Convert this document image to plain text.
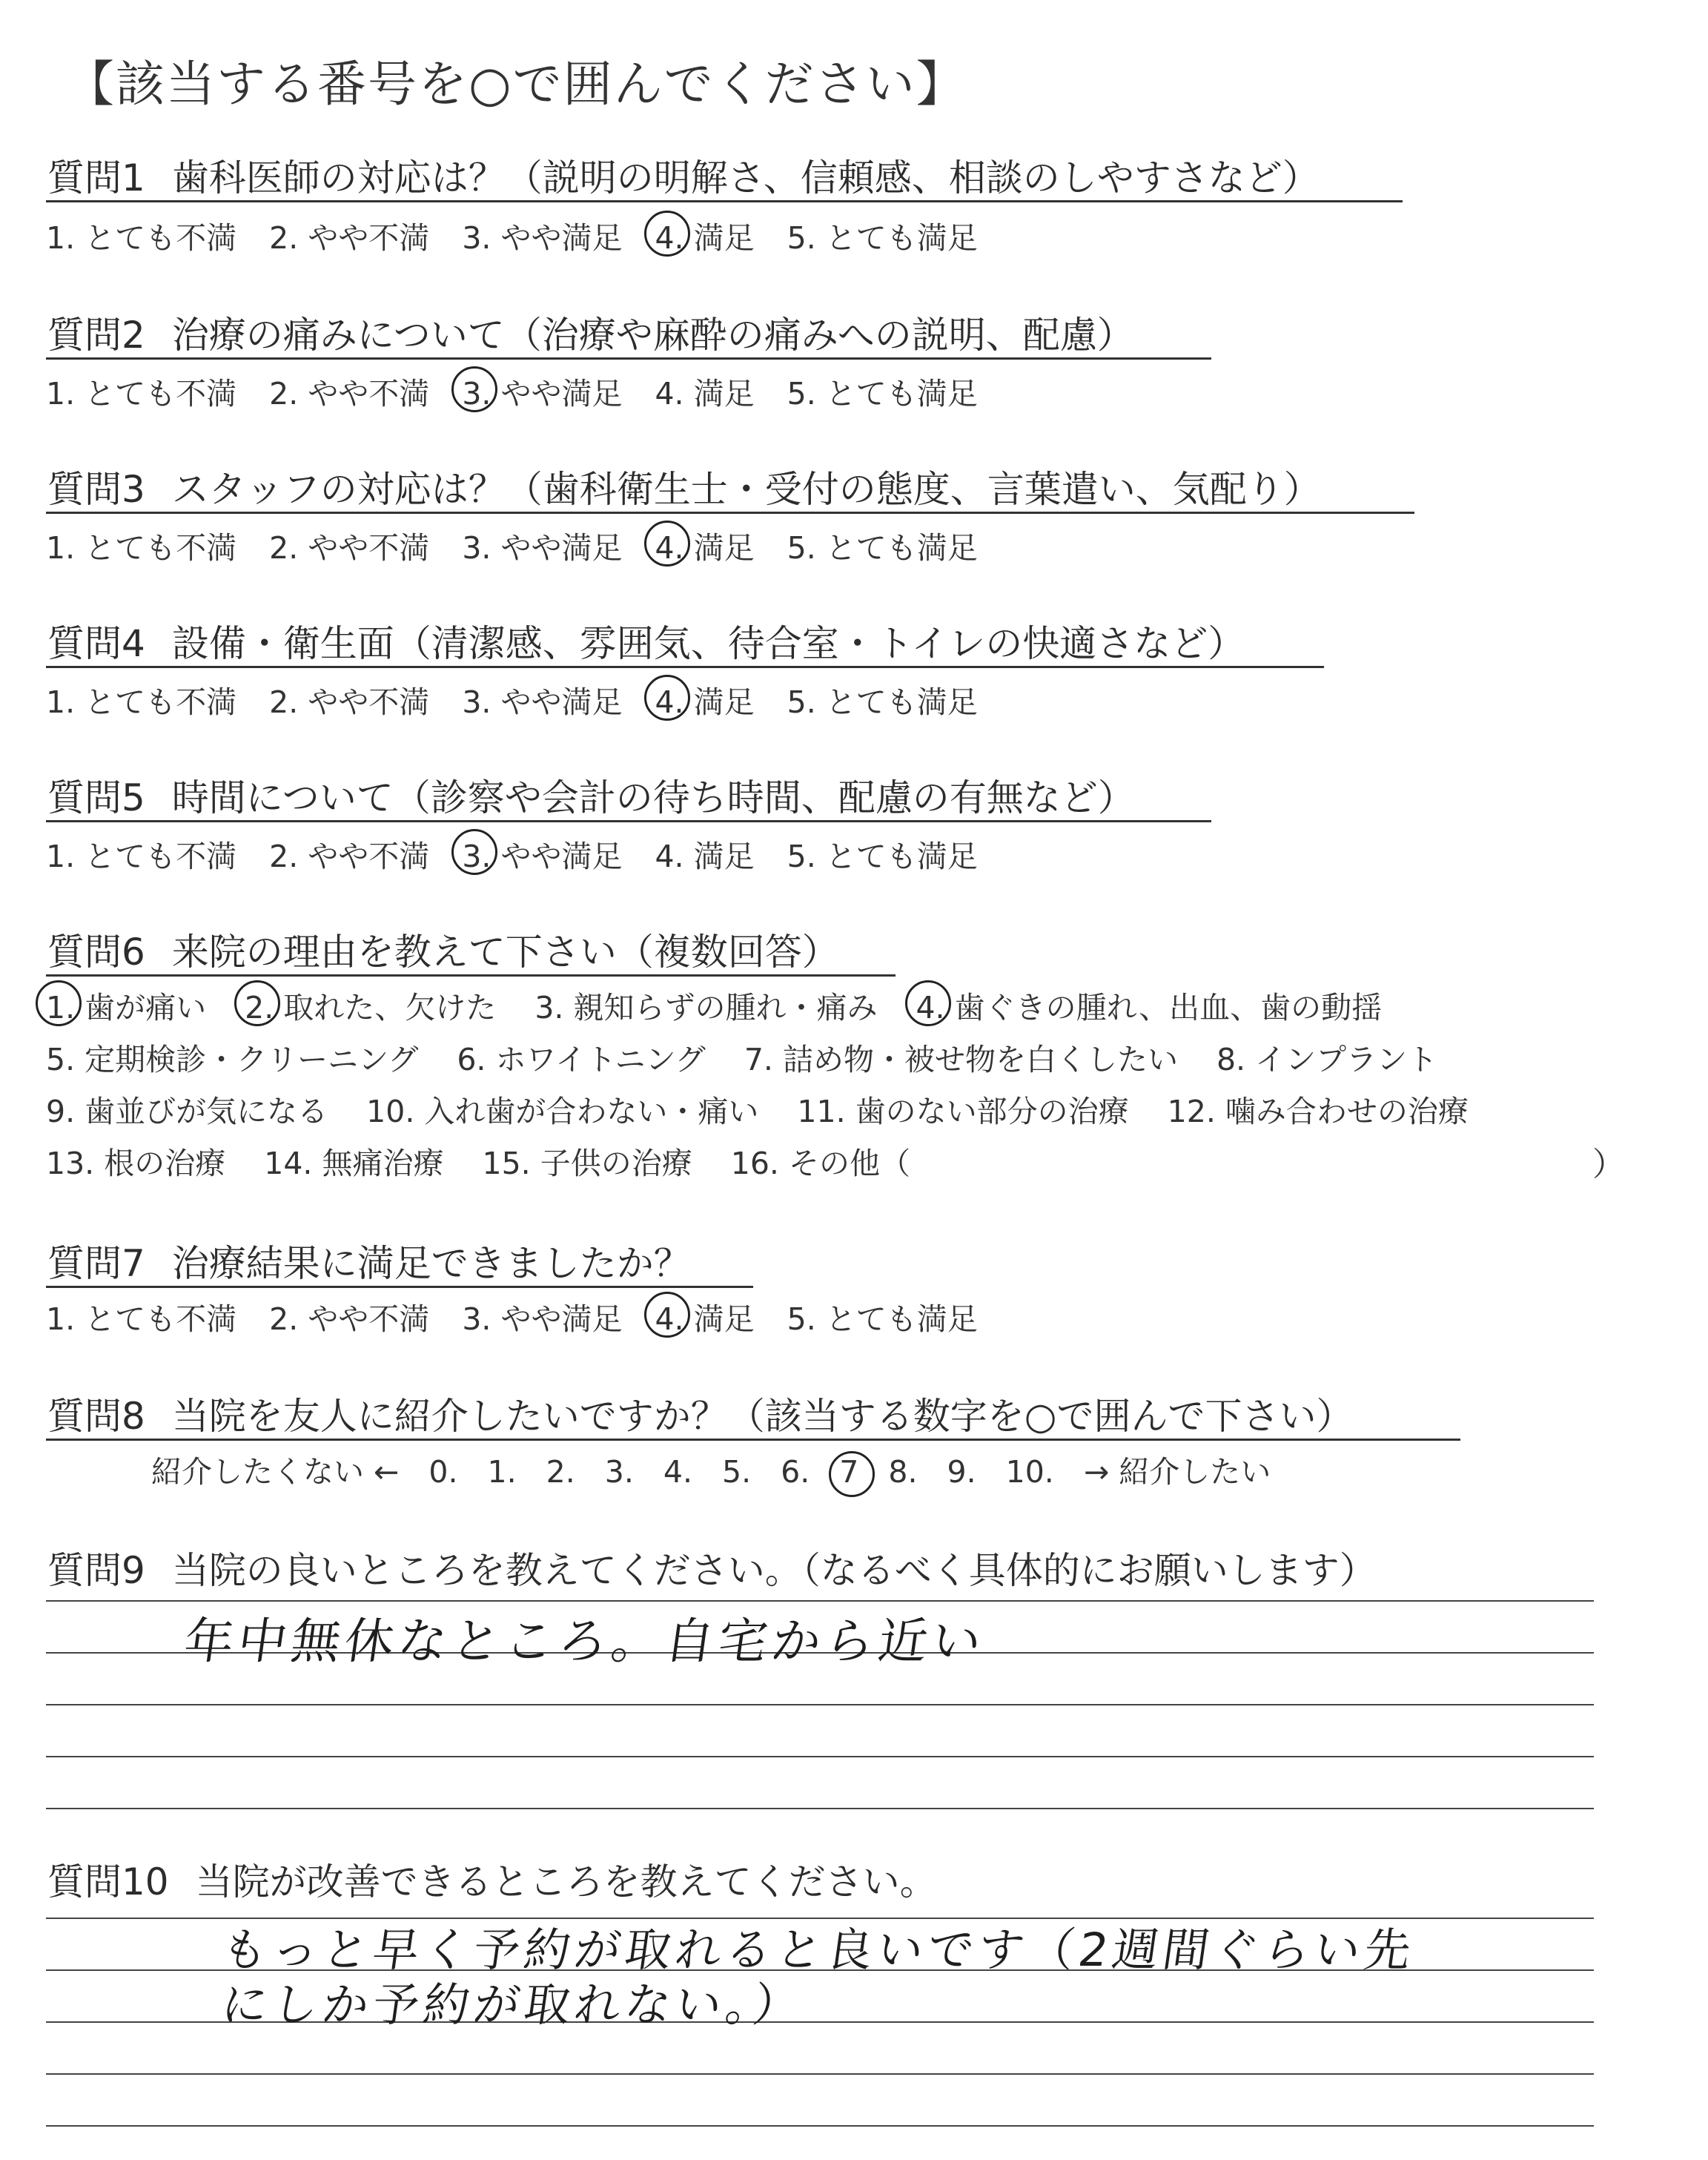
【該当する番号を○で囲んでください】
質問1 歯科医師の対応は？（説明の明解さ、信頼感、相談のしやすさなど）
1. とても不満 2. やや不満 3. やや満足 4. 満足 5. とても満足
質問2 治療の痛みについて（治療や麻酔の痛みへの説明、配慮）
1. とても不満 2. やや不満 3. やや満足 4. 満足 5. とても満足
質問3 スタッフの対応は？（歯科衛生士・受付の態度、言葉遣い、気配り）
1. とても不満 2. やや不満 3. やや満足 4. 満足 5. とても満足
質問4 設備・衛生面（清潔感、雰囲気、待合室・トイレの快適さなど）
1. とても不満 2. やや不満 3. やや満足 4. 満足 5. とても満足
質問5 時間について（診察や会計の待ち時間、配慮の有無など）
1. とても不満 2. やや不満 3. やや満足 4. 満足 5. とても満足
質問6 来院の理由を教えて下さい（複数回答）
1. 歯が痛い 2. 取れた、欠けた 3. 親知らずの腫れ・痛み 4. 歯ぐきの腫れ、出血、歯の動揺
5. 定期検診・クリーニング 6. ホワイトニング 7. 詰め物・被せ物を白くしたい 8. インプラント
9. 歯並びが気になる 10. 入れ歯が合わない・痛い 11. 歯のない部分の治療 12. 噛み合わせの治療
13. 根の治療 14. 無痛治療 15. 子供の治療 16. その他（	）
質問7 治療結果に満足できましたか？
1. とても不満 2. やや不満 3. やや満足 4. 満足 5. とても満足
質問8 当院を友人に紹介したいですか？（該当する数字を○で囲んで下さい）
紹介したくない ← 0. 1. 2. 3. 4. 5. 6. 7 8. 9. 10. → 紹介したい
質問9 当院の良いところを教えてください。（なるべく具体的にお願いします）
年中無休なところ。自宅から近い
質問10 当院が改善できるところを教えてください。
もっと早く予約が取れると良いです（2週間ぐらい先
にしか予約が取れない。）
